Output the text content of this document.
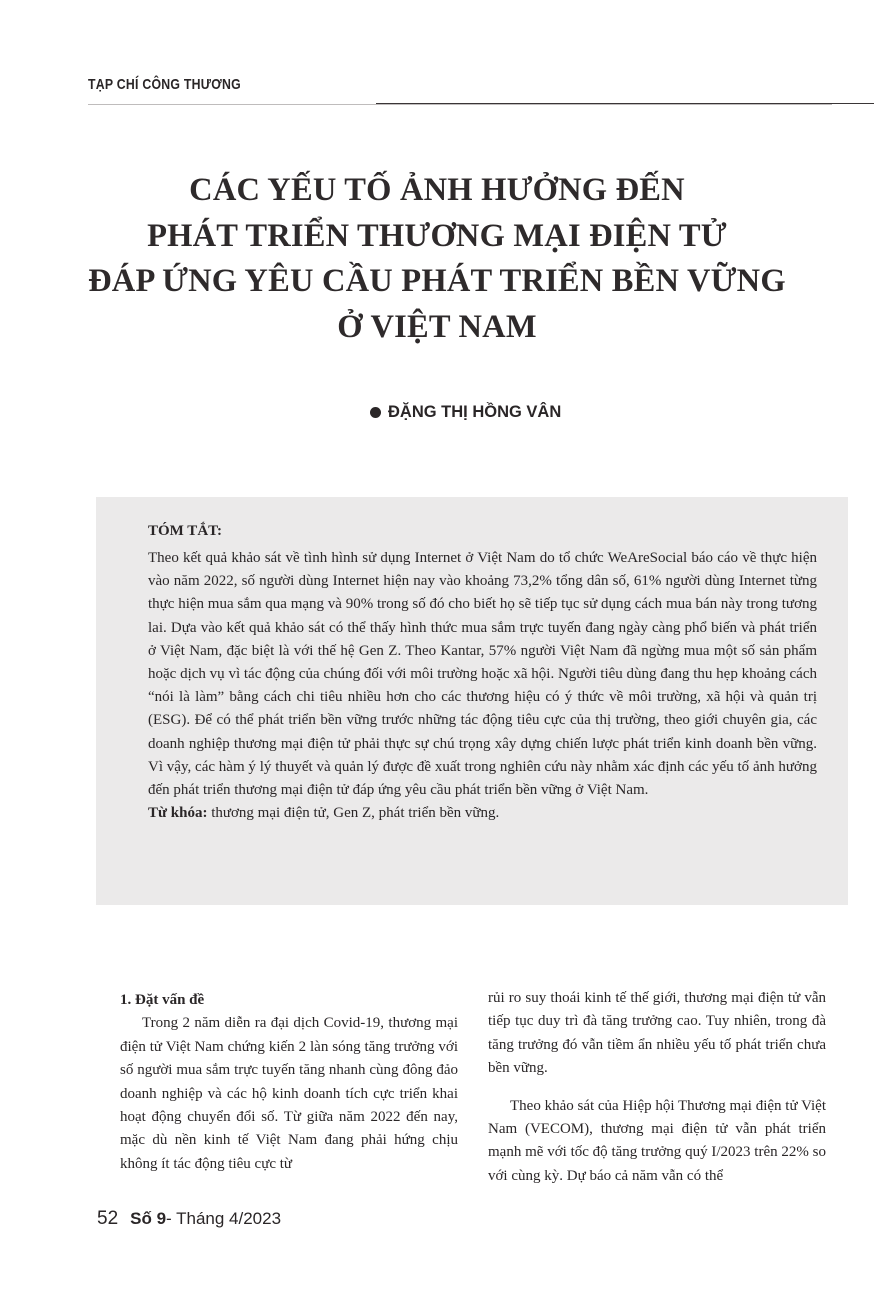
TẠP CHÍ CÔNG THƯƠNG
CÁC YẾU TỐ ẢNH HƯỞNG ĐẾN
PHÁT TRIỂN THƯƠNG MẠI ĐIỆN TỬ
ĐÁP ỨNG YÊU CẦU PHÁT TRIỂN BỀN VỮNG
Ở VIỆT NAM
ĐẶNG THỊ HỒNG VÂN
TÓM TẮT:

Theo kết quả khảo sát về tình hình sử dụng Internet ở Việt Nam do tổ chức WeAreSocial báo cáo về thực hiện vào năm 2022, số người dùng Internet hiện nay vào khoảng 73,2% tổng dân số, 61% người dùng Internet từng thực hiện mua sắm qua mạng và 90% trong số đó cho biết họ sẽ tiếp tục sử dụng cách mua bán này trong tương lai. Dựa vào kết quả khảo sát có thể thấy hình thức mua sắm trực tuyến đang ngày càng phổ biến và phát triển ở Việt Nam, đặc biệt là với thế hệ Gen Z. Theo Kantar, 57% người Việt Nam đã ngừng mua một số sản phẩm hoặc dịch vụ vì tác động của chúng đối với môi trường hoặc xã hội. Người tiêu dùng đang thu hẹp khoảng cách “nói là làm” bằng cách chi tiêu nhiều hơn cho các thương hiệu có ý thức về môi trường, xã hội và quản trị (ESG). Để có thể phát triển bền vững trước những tác động tiêu cực của thị trường, theo giới chuyên gia, các doanh nghiệp thương mại điện tử phải thực sự chú trọng xây dựng chiến lược phát triển kinh doanh bền vững. Vì vậy, các hàm ý lý thuyết và quản lý được đề xuất trong nghiên cứu này nhằm xác định các yếu tố ảnh hưởng đến phát triển thương mại điện tử đáp ứng yêu cầu phát triển bền vững ở Việt Nam.

Từ khóa: thương mại điện tử, Gen Z, phát triển bền vững.

1. Đặt vấn đề

Trong 2 năm diễn ra đại dịch Covid-19, thương mại điện tử Việt Nam chứng kiến 2 làn sóng tăng trưởng với số người mua sắm trực tuyến tăng nhanh cùng đông đảo doanh nghiệp và các hộ kinh doanh tích cực triển khai hoạt động chuyển đổi số. Từ giữa năm 2022 đến nay, mặc dù nền kinh tế Việt Nam đang phải hứng chịu không ít tác động tiêu cực từ

rủi ro suy thoái kinh tế thế giới, thương mại điện tử vẫn tiếp tục duy trì đà tăng trưởng cao. Tuy nhiên, trong đà tăng trưởng đó vẫn tiềm ẩn nhiều yếu tố phát triển chưa bền vững.

Theo khảo sát của Hiệp hội Thương mại điện tử Việt Nam (VECOM), thương mại điện tử vẫn phát triển mạnh mẽ với tốc độ tăng trưởng quý I/2023 trên 22% so với cùng kỳ. Dự báo cả năm vẫn có thể

52 Số 9 - Tháng 4/2023
